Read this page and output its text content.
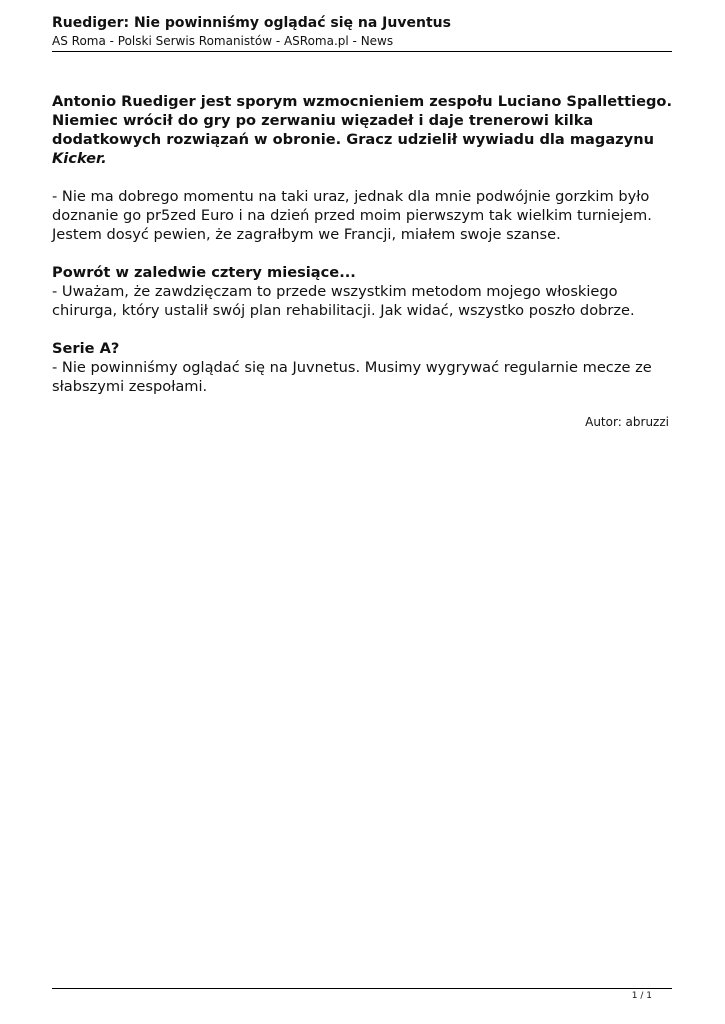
Ruediger: Nie powinniśmy oglądać się na Juventus
AS Roma - Polski Serwis Romanistów - ASRoma.pl - News

Antonio Ruediger jest sporym wzmocnieniem zespołu Luciano Spallettiego. Niemiec wrócił do gry po zerwaniu więzadeł i daje trenerowi kilka dodatkowych rozwiązań w obronie. Gracz udzielił wywiadu dla magazynu Kicker.

- Nie ma dobrego momentu na taki uraz, jednak dla mnie podwójnie gorzkim było doznanie go pr5zed Euro i na dzień przed moim pierwszym tak wielkim turniejem. Jestem dosyć pewien, że zagrałbym we Francji, miałem swoje szanse.

Powrót w zaledwie cztery miesiące...
- Uważam, że zawdzięczam to przede wszystkim metodom mojego włoskiego chirurga, który ustalił swój plan rehabilitacji. Jak widać, wszystko poszło dobrze.

Serie A?
- Nie powinniśmy oglądać się na Juvnetus. Musimy wygrywać regularnie mecze ze słabszymi zespołami.

Autor: abruzzi
1 / 1
